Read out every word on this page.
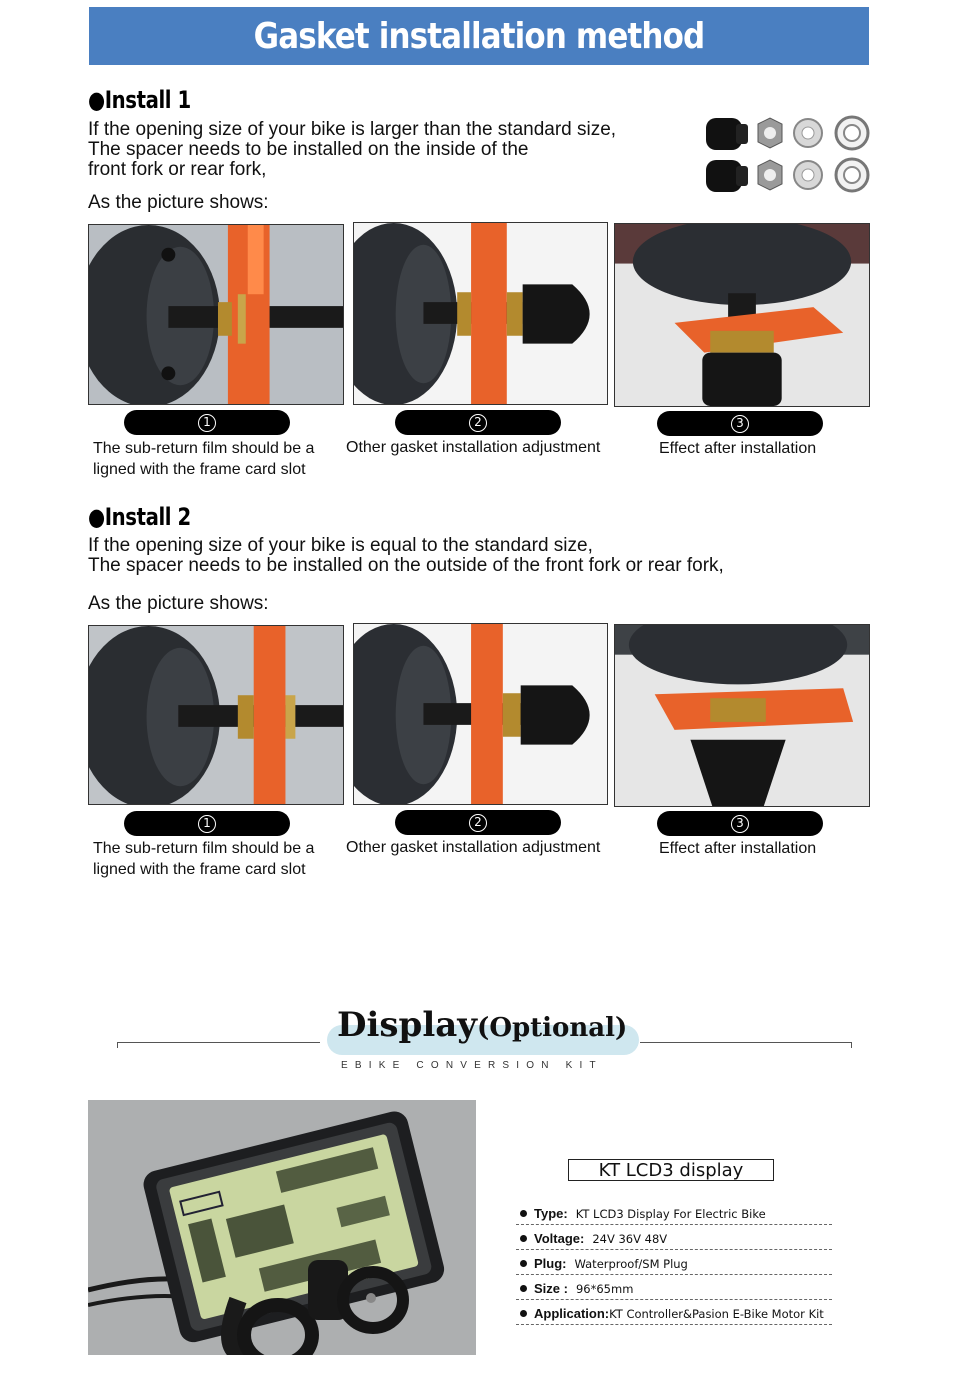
Gasket installation method
●Install 1
If the opening size of your bike is larger than the standard size,
The spacer needs to be installed on the inside of the
front fork or rear fork,
As the picture shows:
1	2	3
The sub-return film should be a
ligned with the frame card slot
Other gasket installation adjustment	Effect after installation
●Install 2
If the opening size of your bike is equal to the standard size,
The spacer needs to be installed on the outside of the front fork or rear fork,
As the picture shows:
1	2	3
The sub-return film should be a
ligned with the frame card slot
Other gasket installation adjustment	Effect after installation
Display(Optional)
EBIKE CONVERSION KIT
KT LCD3 display
Type: KT LCD3 Display For Electric Bike
Voltage: 24V 36V 48V
Plug: Waterproof/SM Plug
Size : 96*65mm
Application: KT Controller&Pasion E-Bike Motor Kit
